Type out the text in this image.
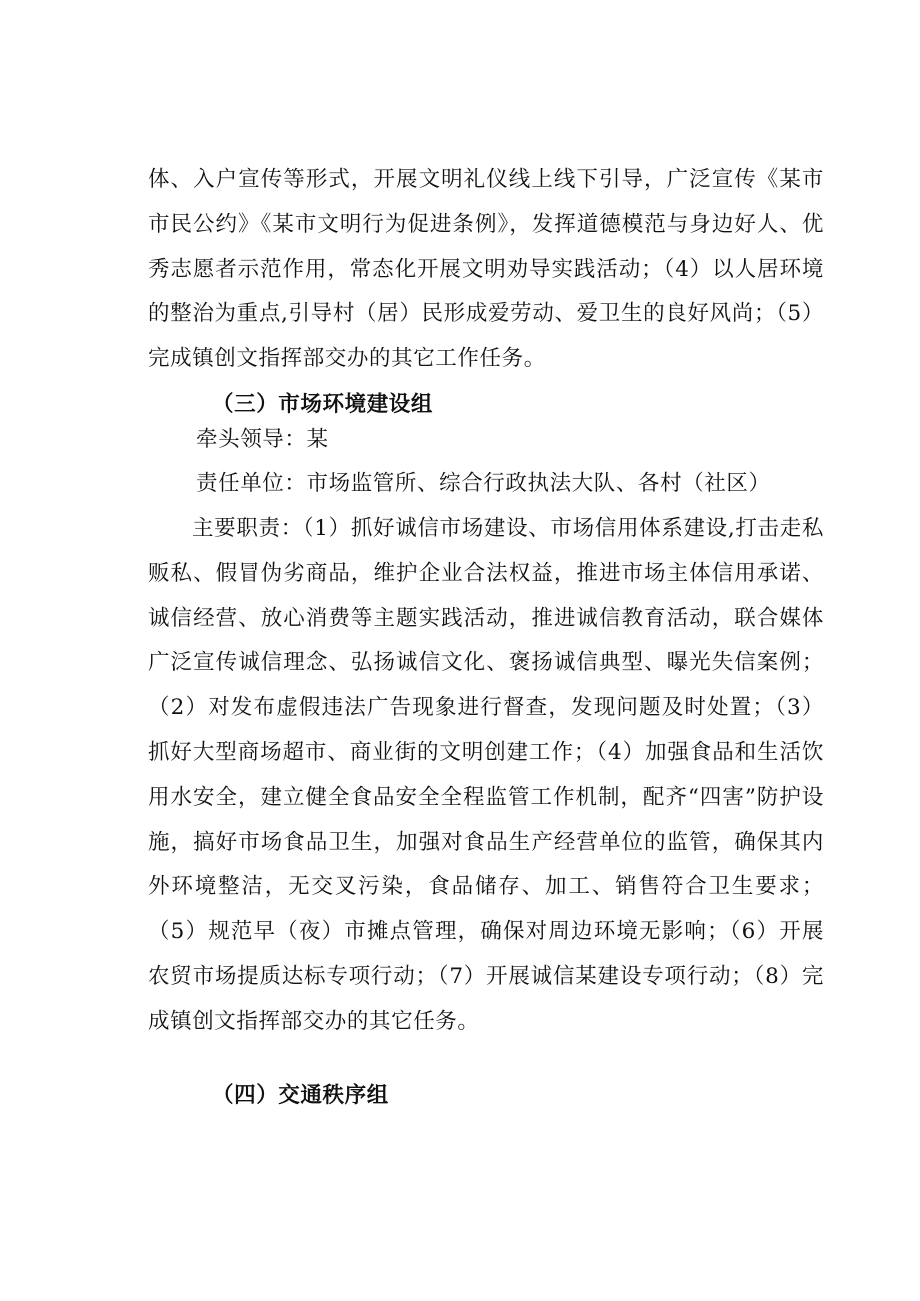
体、入户宣传等形式，开展文明礼仪线上线下引导，广泛宣传《某市市民公约》《某市文明行为促进条例》，发挥道德模范与身边好人、优秀志愿者示范作用，常态化开展文明劝导实践活动；（4）以人居环境的整治为重点,引导村（居）民形成爱劳动、爱卫生的良好风尚；（5）完成镇创文指挥部交办的其它工作任务。

（三）市场环境建设组

牵头领导：某

责任单位：市场监管所、综合行政执法大队、各村（社区）

主要职责：（1）抓好诚信市场建设、市场信用体系建设,打击走私贩私、假冒伪劣商品，维护企业合法权益，推进市场主体信用承诺、诚信经营、放心消费等主题实践活动，推进诚信教育活动，联合媒体广泛宣传诚信理念、弘扬诚信文化、褒扬诚信典型、曝光失信案例；（2）对发布虚假违法广告现象进行督查，发现问题及时处置；（3）抓好大型商场超市、商业街的文明创建工作；（4）加强食品和生活饮用水安全，建立健全食品安全全程监管工作机制，配齐“四害”防护设施，搞好市场食品卫生，加强对食品生产经营单位的监管，确保其内外环境整洁，无交叉污染，食品储存、加工、销售符合卫生要求；（5）规范早（夜）市摊点管理，确保对周边环境无影响；（6）开展农贸市场提质达标专项行动；（7）开展诚信某建设专项行动；（8）完成镇创文指挥部交办的其它任务。

（四）交通秩序组
